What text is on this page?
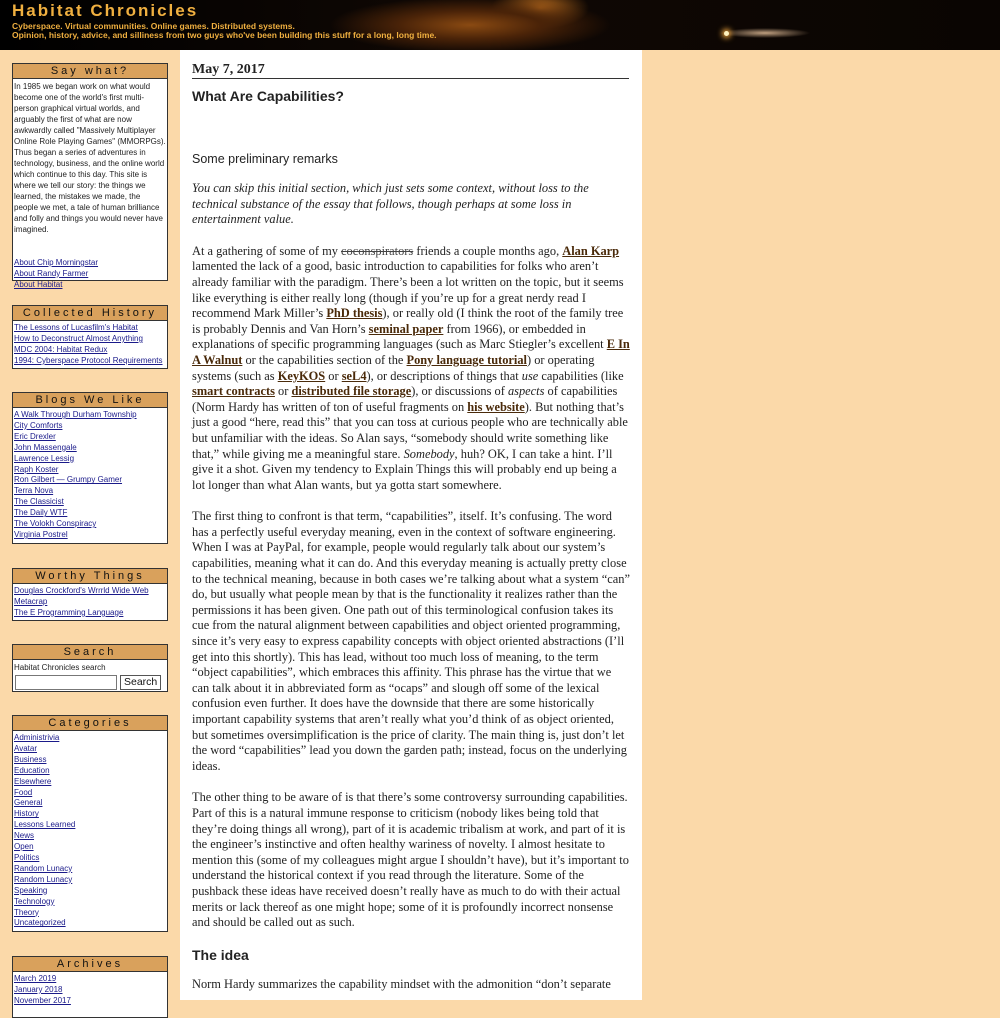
Habitat Chronicles
Cyberspace. Virtual communities. Online games. Distributed systems.
Opinion, history, advice, and silliness from two guys who've been building this stuff for a long, long time.
Say what?

In 1985 we began work on what would become one of the world's first multi-person graphical virtual worlds, and arguably the first of what are now awkwardly called "Massively Multiplayer Online Role Playing Games" (MMORPGs). Thus began a series of adventures in technology, business, and the online world which continue to this day. This site is where we tell our story: the things we learned, the mistakes we made, the people we met, a tale of human brilliance and folly and things you would never have imagined.

About Chip Morningstar
About Randy Farmer
About Habitat
Collected History
The Lessons of Lucasfilm's Habitat
How to Deconstruct Almost Anything
MDC 2004: Habitat Redux
1994: Cyberspace Protocol Requirements
Blogs We Like
A Walk Through Durham Township
City Comforts
Eric Drexler
John Massengale
Lawrence Lessig
Raph Koster
Ron Gilbert — Grumpy Gamer
Terra Nova
The Classicist
The Daily WTF
The Volokh Conspiracy
Virginia Postrel
Worthy Things
Douglas Crockford's Wrrrld Wide Web
Metacrap
The E Programming Language
Search

Habitat Chronicles search

Search
Categories
Administrivia
Avatar
Business
Education
Elsewhere
Food
General
History
Lessons Learned
News
Open
Politics
Random Lunacy
Random Lunacy
Speaking
Technology
Theory
Uncategorized
Archives
March 2019
January 2018
November 2017
May 7, 2017
What Are Capabilities?
Some preliminary remarks

You can skip this initial section, which just sets some context, without loss to the technical substance of the essay that follows, though perhaps at some loss in entertainment value.

At a gathering of some of my coconspirators friends a couple months ago, Alan Karp lamented the lack of a good, basic introduction to capabilities for folks who aren’t already familiar with the paradigm. There’s been a lot written on the topic, but it seems like everything is either really long (though if you’re up for a great nerdy read I recommend Mark Miller’s PhD thesis), or really old (I think the root of the family tree is probably Dennis and Van Horn’s seminal paper from 1966), or embedded in explanations of specific programming languages (such as Marc Stiegler’s excellent E In A Walnut or the capabilities section of the Pony language tutorial) or operating systems (such as KeyKOS or seL4), or descriptions of things that use capabilities (like smart contracts or distributed file storage), or discussions of aspects of capabilities (Norm Hardy has written of ton of useful fragments on his website). But nothing that’s just a good “here, read this” that you can toss at curious people who are technically able but unfamiliar with the ideas. So Alan says, “somebody should write something like that,” while giving me a meaningful stare. Somebody, huh? OK, I can take a hint. I’ll give it a shot. Given my tendency to Explain Things this will probably end up being a lot longer than what Alan wants, but ya gotta start somewhere.

The first thing to confront is that term, “capabilities”, itself. It’s confusing. The word has a perfectly useful everyday meaning, even in the context of software engineering. When I was at PayPal, for example, people would regularly talk about our system’s capabilities, meaning what it can do. And this everyday meaning is actually pretty close to the technical meaning, because in both cases we’re talking about what a system “can” do, but usually what people mean by that is the functionality it realizes rather than the permissions it has been given. One path out of this terminological confusion takes its cue from the natural alignment between capabilities and object oriented programming, since it’s very easy to express capability concepts with object oriented abstractions (I’ll get into this shortly). This has lead, without too much loss of meaning, to the term “object capabilities”, which embraces this affinity. This phrase has the virtue that we can talk about it in abbreviated form as “ocaps” and slough off some of the lexical confusion even further. It does have the downside that there are some historically important capability systems that aren’t really what you’d think of as object oriented, but sometimes oversimplification is the price of clarity. The main thing is, just don’t let the word “capabilities” lead you down the garden path; instead, focus on the underlying ideas.

The other thing to be aware of is that there’s some controversy surrounding capabilities. Part of this is a natural immune response to criticism (nobody likes being told that they’re doing things all wrong), part of it is academic tribalism at work, and part of it is the engineer’s instinctive and often healthy wariness of novelty. I almost hesitate to mention this (some of my colleagues might argue I shouldn’t have), but it’s important to understand the historical context if you read through the literature. Some of the pushback these ideas have received doesn’t really have as much to do with their actual merits or lack thereof as one might hope; some of it is profoundly incorrect nonsense and should be called out as such.

The idea

Norm Hardy summarizes the capability mindset with the admonition “don’t separate
